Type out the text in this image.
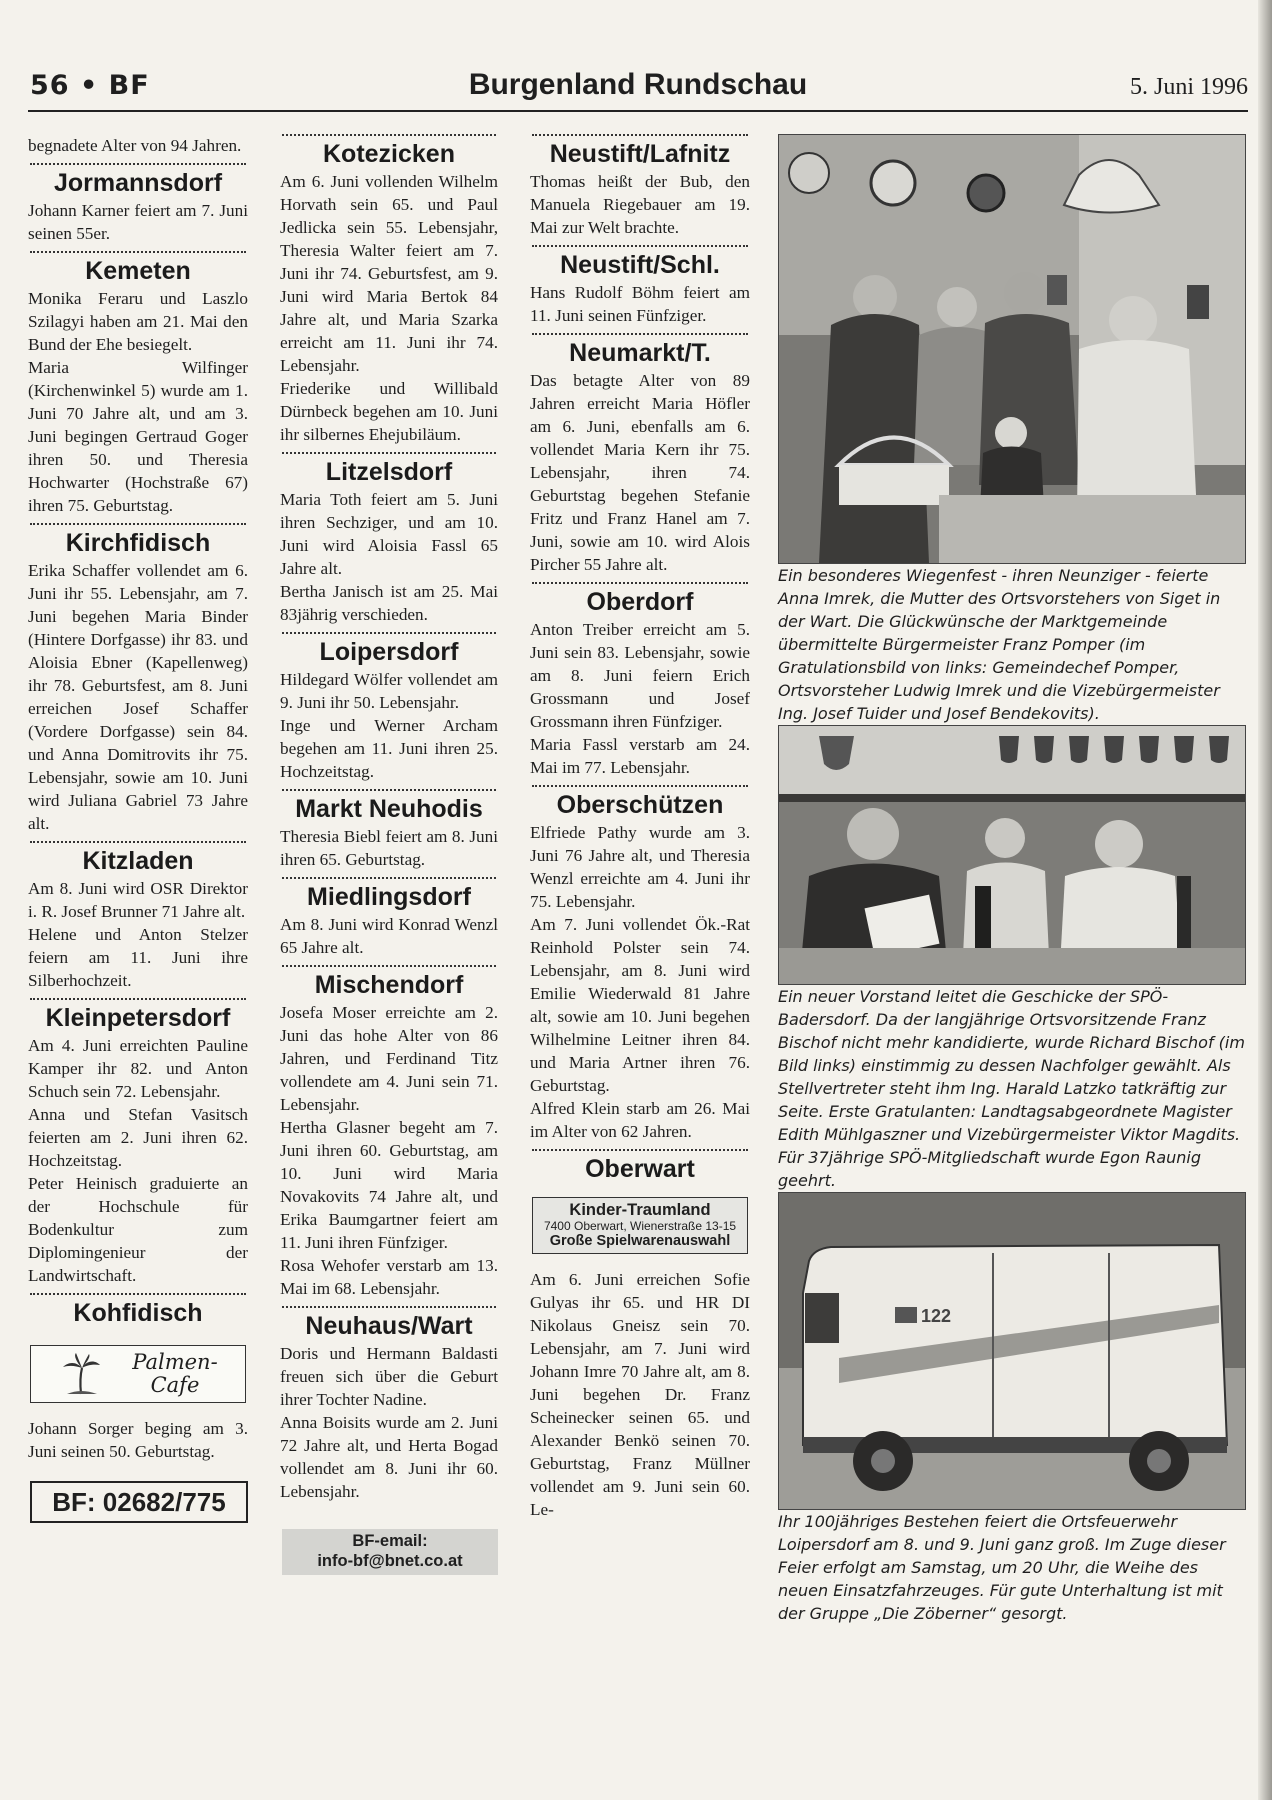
56 • BF	Burgenland Rundschau	5. Juni 1996

begnadete Alter von 94 Jahren.

Jormannsdorf

Johann Karner feiert am 7. Juni seinen 55er.

Kemeten

Monika Feraru und Laszlo Szilagyi haben am 21. Mai den Bund der Ehe besiegelt.

Maria Wilfinger (Kirchenwinkel 5) wurde am 1. Juni 70 Jahre alt, und am 3. Juni begingen Gertraud Goger ihren 50. und Theresia Hochwarter (Hochstraße 67) ihren 75. Geburtstag.

Kirchfidisch

Erika Schaffer vollendet am 6. Juni ihr 55. Lebensjahr, am 7. Juni begehen Maria Binder (Hintere Dorfgasse) ihr 83. und Aloisia Ebner (Kapellenweg) ihr 78. Geburtsfest, am 8. Juni erreichen Josef Schaffer (Vordere Dorfgasse) sein 84. und Anna Domitrovits ihr 75. Lebensjahr, sowie am 10. Juni wird Juliana Gabriel 73 Jahre alt.

Kitzladen

Am 8. Juni wird OSR Direktor i. R. Josef Brunner 71 Jahre alt.

Helene und Anton Stelzer feiern am 11. Juni ihre Silberhochzeit.

Kleinpetersdorf

Am 4. Juni erreichten Pauline Kamper ihr 82. und Anton Schuch sein 72. Lebensjahr.

Anna und Stefan Vasitsch feierten am 2. Juni ihren 62. Hochzeitstag.

Peter Heinisch graduierte an der Hochschule für Bodenkultur zum Diplomingenieur der Landwirtschaft.

Kohfidisch
Palmen-Cafe

Johann Sorger beging am 3. Juni seinen 50. Geburtstag.

BF: 02682/775
Kotezicken

Am 6. Juni vollenden Wilhelm Horvath sein 65. und Paul Jedlicka sein 55. Lebensjahr, Theresia Walter feiert am 7. Juni ihr 74. Geburtsfest, am 9. Juni wird Maria Bertok 84 Jahre alt, und Maria Szarka erreicht am 11. Juni ihr 74. Lebensjahr.

Friederike und Willibald Dürnbeck begehen am 10. Juni ihr silbernes Ehejubiläum.

Litzelsdorf

Maria Toth feiert am 5. Juni ihren Sechziger, und am 10. Juni wird Aloisia Fassl 65 Jahre alt.

Bertha Janisch ist am 25. Mai 83jährig verschieden.

Loipersdorf

Hildegard Wölfer vollendet am 9. Juni ihr 50. Lebensjahr.

Inge und Werner Archam begehen am 11. Juni ihren 25. Hochzeitstag.

Markt Neuhodis

Theresia Biebl feiert am 8. Juni ihren 65. Geburtstag.

Miedlingsdorf

Am 8. Juni wird Konrad Wenzl 65 Jahre alt.

Mischendorf

Josefa Moser erreichte am 2. Juni das hohe Alter von 86 Jahren, und Ferdinand Titz vollendete am 4. Juni sein 71. Lebensjahr.

Hertha Glasner begeht am 7. Juni ihren 60. Geburtstag, am 10. Juni wird Maria Novakovits 74 Jahre alt, und Erika Baumgartner feiert am 11. Juni ihren Fünfziger.

Rosa Wehofer verstarb am 13. Mai im 68. Lebensjahr.

Neuhaus/Wart

Doris und Hermann Baldasti freuen sich über die Geburt ihrer Tochter Nadine.

Anna Boisits wurde am 2. Juni 72 Jahre alt, und Herta Bogad vollendet am 8. Juni ihr 60. Lebensjahr.

BF-email:
info-bf@bnet.co.at
Neustift/Lafnitz

Thomas heißt der Bub, den Manuela Riegebauer am 19. Mai zur Welt brachte.

Neustift/Schl.

Hans Rudolf Böhm feiert am 11. Juni seinen Fünfziger.

Neumarkt/T.

Das betagte Alter von 89 Jahren erreicht Maria Höfler am 6. Juni, ebenfalls am 6. vollendet Maria Kern ihr 75. Lebensjahr, ihren 74. Geburtstag begehen Stefanie Fritz und Franz Hanel am 7. Juni, sowie am 10. wird Alois Pircher 55 Jahre alt.

Oberdorf

Anton Treiber erreicht am 5. Juni sein 83. Lebensjahr, sowie am 8. Juni feiern Erich Grossmann und Josef Grossmann ihren Fünfziger.

Maria Fassl verstarb am 24. Mai im 77. Lebensjahr.

Oberschützen

Elfriede Pathy wurde am 3. Juni 76 Jahre alt, und Theresia Wenzl erreichte am 4. Juni ihr 75. Lebensjahr.

Am 7. Juni vollendet Ök.-Rat Reinhold Polster sein 74. Lebensjahr, am 8. Juni wird Emilie Wiederwald 81 Jahre alt, sowie am 10. Juni begehen Wilhelmine Leitner ihren 84. und Maria Artner ihren 76. Geburtstag.

Alfred Klein starb am 26. Mai im Alter von 62 Jahren.

Oberwart
Kinder-Traumland
7400 Oberwart, Wienerstraße 13-15
Große Spielwarenauswahl

Am 6. Juni erreichen Sofie Gulyas ihr 65. und HR DI Nikolaus Gneisz sein 70. Lebensjahr, am 7. Juni wird Johann Imre 70 Jahre alt, am 8. Juni begehen Dr. Franz Scheinecker seinen 65. und Alexander Benkö seinen 70. Geburtstag, Franz Müllner vollendet am 9. Juni sein 60. Le-

Ein besonderes Wiegenfest - ihren Neunziger - feierte Anna Imrek, die Mutter des Ortsvorstehers von Siget in der Wart. Die Glückwünsche der Marktgemeinde übermittelte Bürgermeister Franz Pomper (im Gratulationsbild von links: Gemeindechef Pomper, Ortsvorsteher Ludwig Imrek und die Vizebürgermeister Ing. Josef Tuider und Josef Bendekovits).

Ein neuer Vorstand leitet die Geschicke der SPÖ-Badersdorf. Da der langjährige Ortsvorsitzende Franz Bischof nicht mehr kandidierte, wurde Richard Bischof (im Bild links) einstimmig zu dessen Nachfolger gewählt. Als Stellvertreter steht ihm Ing. Harald Latzko tatkräftig zur Seite. Erste Gratulanten: Landtagsabgeordnete Magister Edith Mühlgaszner und Vizebürgermeister Viktor Magdits. Für 37jährige SPÖ-Mitgliedschaft wurde Egon Raunig geehrt.

122

Ihr 100jähriges Bestehen feiert die Ortsfeuerwehr Loipersdorf am 8. und 9. Juni ganz groß. Im Zuge dieser Feier erfolgt am Samstag, um 20 Uhr, die Weihe des neuen Einsatzfahrzeuges. Für gute Unterhaltung ist mit der Gruppe „Die Zöberner“ gesorgt.
